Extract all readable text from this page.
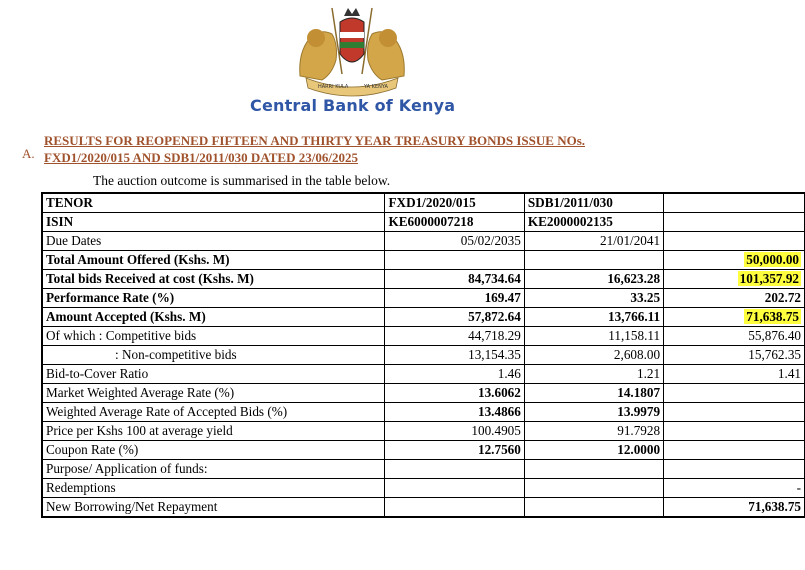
HARRI KULA	YA KENYA
Central Bank of Kenya
A.
RESULTS FOR REOPENED FIFTEEN AND THIRTY YEAR TREASURY BONDS ISSUE NOs.
FXD1/2020/015 AND SDB1/2011/030 DATED 23/06/2025
The auction outcome is summarised in the table below.
TENOR	FXD1/2020/015	SDB1/2011/030	
ISIN	KE6000007218	KE2000002135	
Due Dates	05/02/2035	21/01/2041	
Total Amount Offered (Kshs. M)			50,000.00
Total bids Received at cost (Kshs. M)	84,734.64	16,623.28	101,357.92
Performance Rate (%)	169.47	33.25	202.72
Amount Accepted (Kshs. M)	57,872.64	13,766.11	71,638.75
Of which : Competitive bids	44,718.29	11,158.11	55,876.40
: Non-competitive bids	13,154.35	2,608.00	15,762.35
Bid-to-Cover Ratio	1.46	1.21	1.41
Market Weighted Average Rate (%)	13.6062	14.1807	
Weighted Average Rate of Accepted Bids (%)	13.4866	13.9979	
Price per Kshs 100 at average yield	100.4905	91.7928	
Coupon Rate (%)	12.7560	12.0000	
Purpose/ Application of funds:			
Redemptions			-
New Borrowing/Net Repayment			71,638.75
